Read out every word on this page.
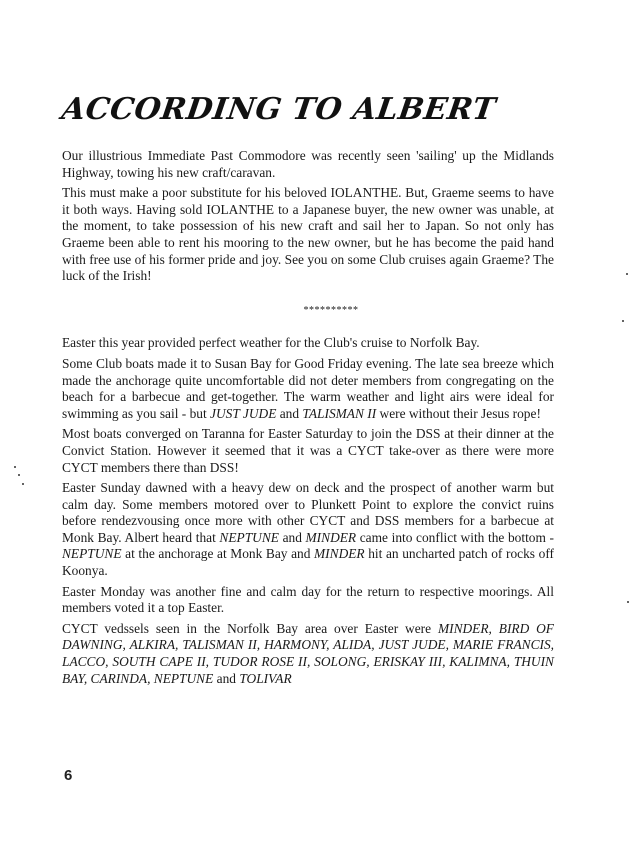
ACCORDING TO ALBERT

Our illustrious Immediate Past Commodore was recently seen 'sailing' up the Midlands Highway, towing his new craft/caravan.

This must make a poor substitute for his beloved IOLANTHE. But, Graeme seems to have it both ways. Having sold IOLANTHE to a Japanese buyer, the new owner was unable, at the moment, to take possession of his new craft and sail her to Japan. So not only has Graeme been able to rent his mooring to the new owner, but he has become the paid hand with free use of his former pride and joy. See you on some Club cruises again Graeme? The luck of the Irish!

**********

Easter this year provided perfect weather for the Club's cruise to Norfolk Bay.

Some Club boats made it to Susan Bay for Good Friday evening. The late sea breeze which made the anchorage quite uncomfortable did not deter members from congregating on the beach for a barbecue and get-together. The warm weather and light airs were ideal for swimming as you sail - but JUST JUDE and TALISMAN II were without their Jesus rope!

Most boats converged on Taranna for Easter Saturday to join the DSS at their dinner at the Convict Station. However it seemed that it was a CYCT take-over as there were more CYCT members there than DSS!

Easter Sunday dawned with a heavy dew on deck and the prospect of another warm but calm day. Some members motored over to Plunkett Point to explore the convict ruins before rendezvousing once more with other CYCT and DSS members for a barbecue at Monk Bay. Albert heard that NEPTUNE and MINDER came into conflict with the bottom - NEPTUNE at the anchorage at Monk Bay and MINDER hit an uncharted patch of rocks off Koonya.

Easter Monday was another fine and calm day for the return to respective moorings. All members voted it a top Easter.

CYCT vedssels seen in the Norfolk Bay area over Easter were MINDER, BIRD OF DAWNING, ALKIRA, TALISMAN II, HARMONY, ALIDA, JUST JUDE, MARIE FRANCIS, LACCO, SOUTH CAPE II, TUDOR ROSE II, SOLONG, ERISKAY III, KALIMNA, THUIN BAY, CARINDA, NEPTUNE and TOLIVAR

6
